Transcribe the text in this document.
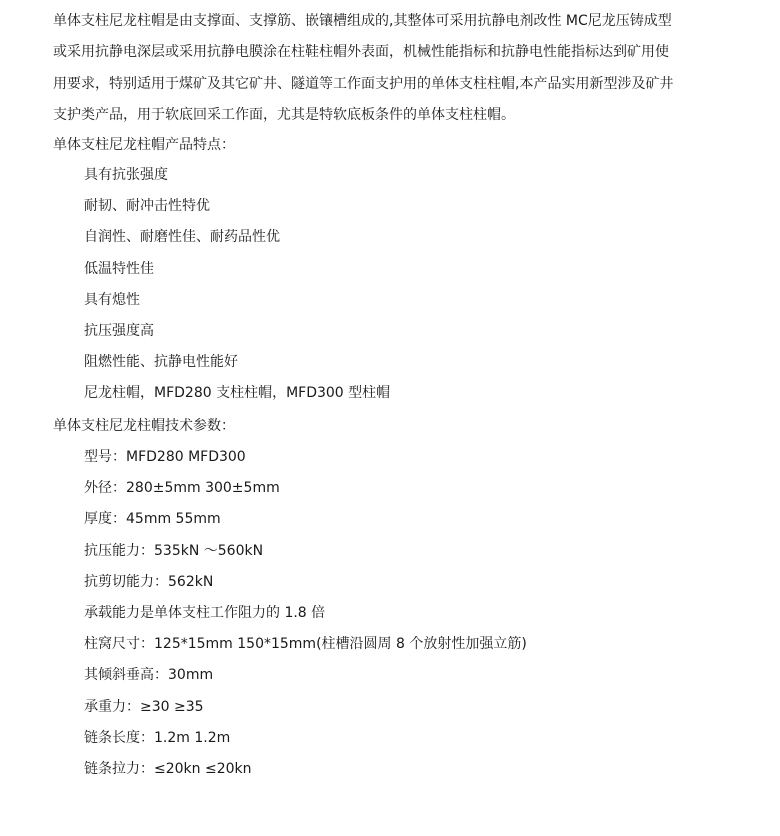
单体支柱尼龙柱帽是由支撑面、支撑筋、嵌镶槽组成的,其整体可采用抗静电剂改性 MC尼龙压铸成型
或采用抗静电深层或采用抗静电膜涂在柱鞋柱帽外表面，机械性能指标和抗静电性能指标达到矿用使
用要求，特别适用于煤矿及其它矿井、隧道等工作面支护用的单体支柱柱帽,本产品实用新型涉及矿井
支护类产品，用于软底回采工作面，尤其是特软底板条件的单体支柱柱帽。

单体支柱尼龙柱帽产品特点：

具有抗张强度
耐韧、耐冲击性特优
自润性、耐磨性佳、耐药品性优
低温特性佳
具有熄性
抗压强度高
阻燃性能、抗静电性能好
尼龙柱帽，MFD280 支柱柱帽，MFD300 型柱帽

单体支柱尼龙柱帽技术参数：

型号：MFD280 MFD300
外径：280±5mm 300±5mm
厚度：45mm 55mm
抗压能力：535kN ～560kN
抗剪切能力：562kN
承载能力是单体支柱工作阻力的 1.8 倍
柱窝尺寸：125*15mm 150*15mm(柱槽沿圆周 8 个放射性加强立筋)
其倾斜垂高：30mm
承重力：≥30 ≥35
链条长度：1.2m 1.2m
链条拉力：≤20kn ≤20kn
